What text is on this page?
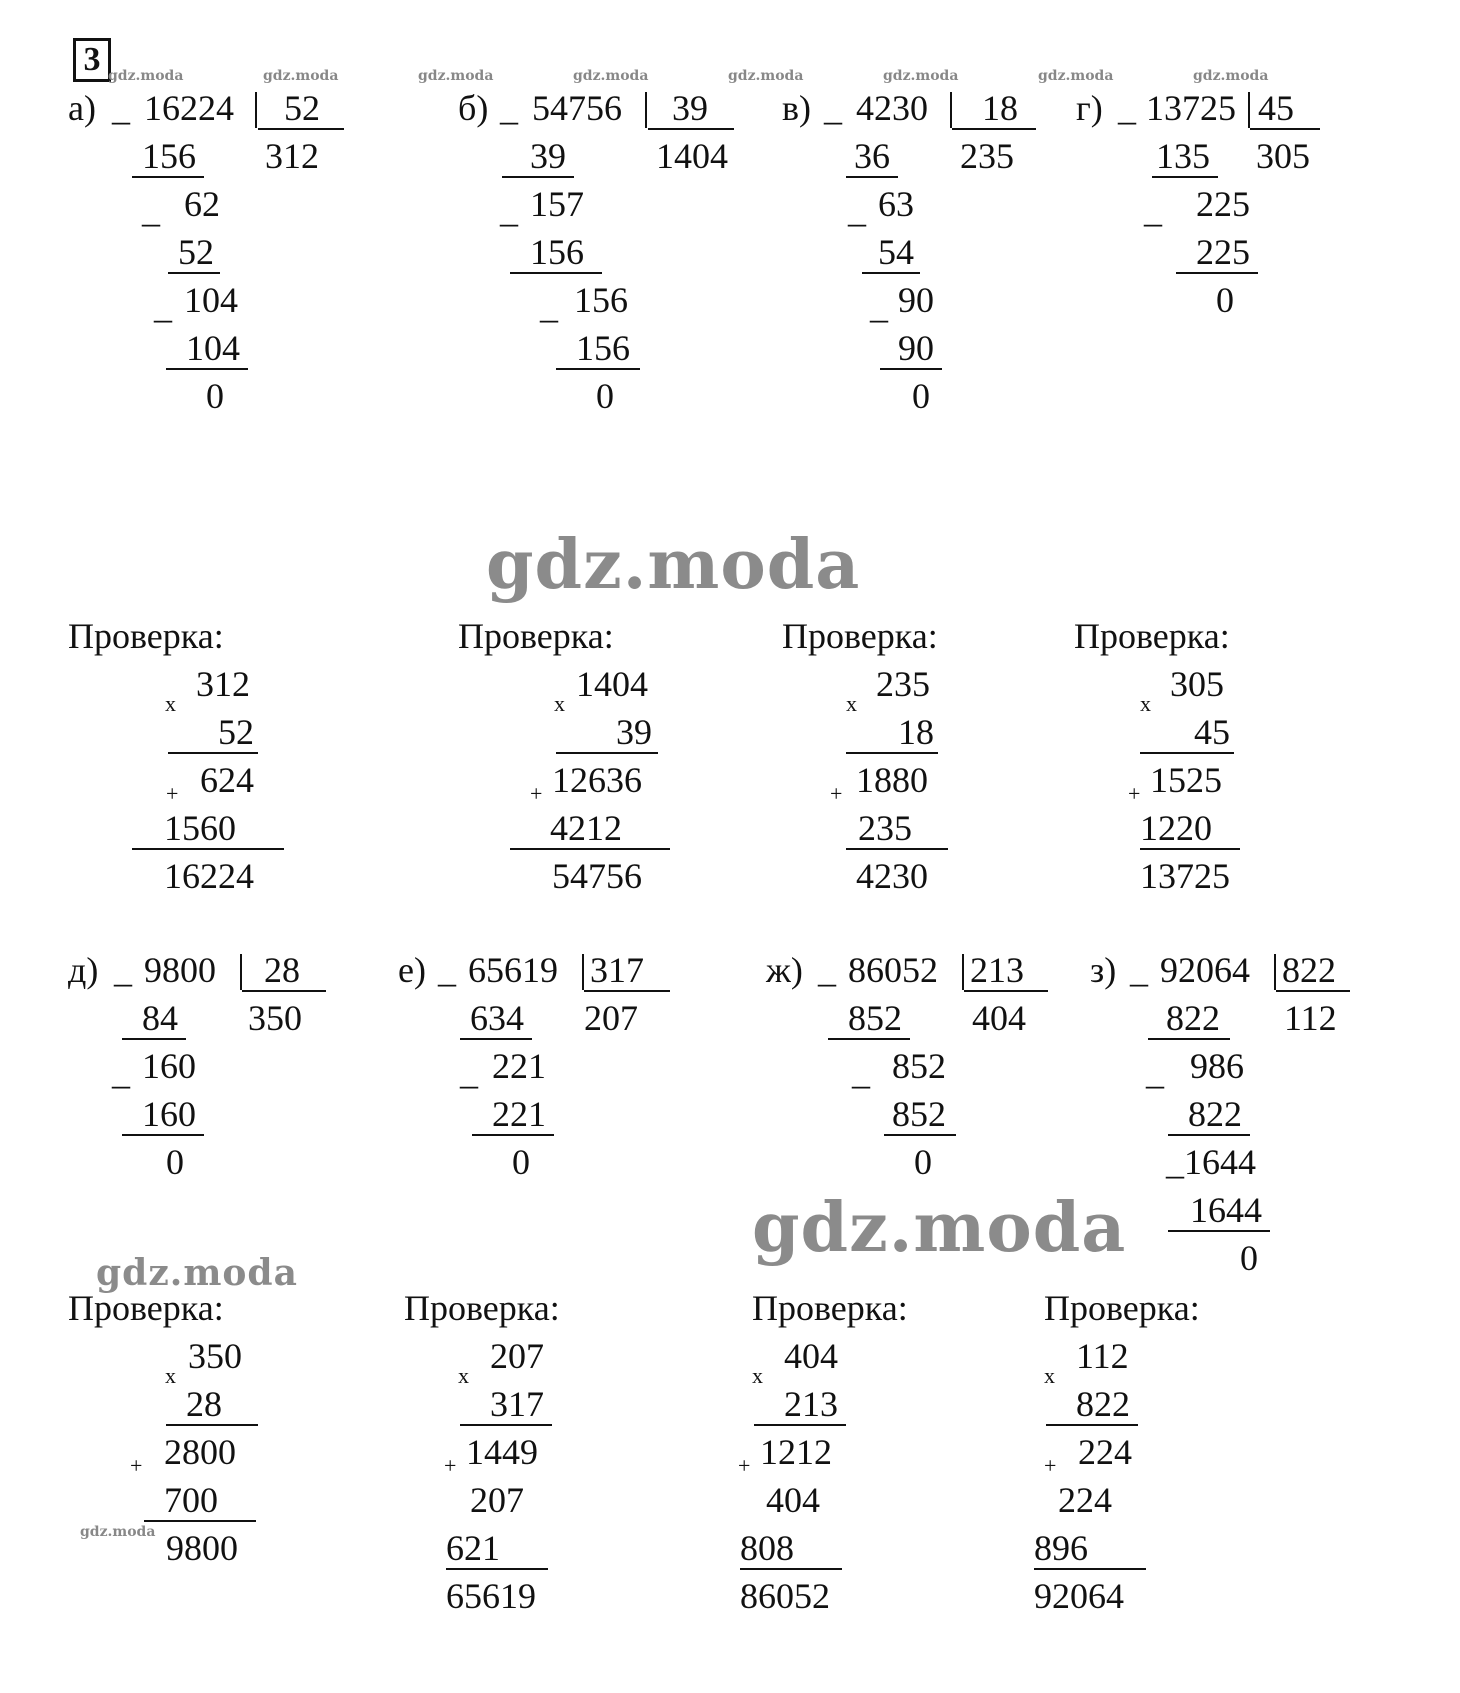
3 gdz.moda	gdz.moda	gdz.moda	gdz.moda	gdz.moda	gdz.moda	gdz.moda	gdz.moda
а) _ 16224	52
312
156
_ 62
52
_ 104
104
0
б) _ 54756	39
1404
39
_ 157
156
_ 156
156
0
в) _ 4230	18
235
36
_ 63
54
_ 90
90
0
г) _ 13725 45
305
135
_ 225
225
0
gdz.moda
Проверка:
x 312
52
+ 624
1560
16224
Проверка:
x 1404
39
+ 12636
4212
54756
Проверка:
x 235
18
+ 1880
235
4230
Проверка:
x 305
45
+ 1525
1220
13725
д) _ 9800	28
350
84
_ 160
160
0
е) _ 65619 317
207
634
_ 221
221
0
ж) _ 86052 213
404
852
_ 852
852
0
з) _ 92064 822
112
822
_ 986
822
_ 1644
1644
0
gdz.moda
gdz.moda
Проверка:
x 350
28
+ 2800
700
gdz.moda 9800
Проверка:
x 207
317
+ 1449
207
621
65619
Проверка:
x 404
213
+ 1212
404
808
86052
Проверка:
x 112
822
+ 224
224
896
92064
